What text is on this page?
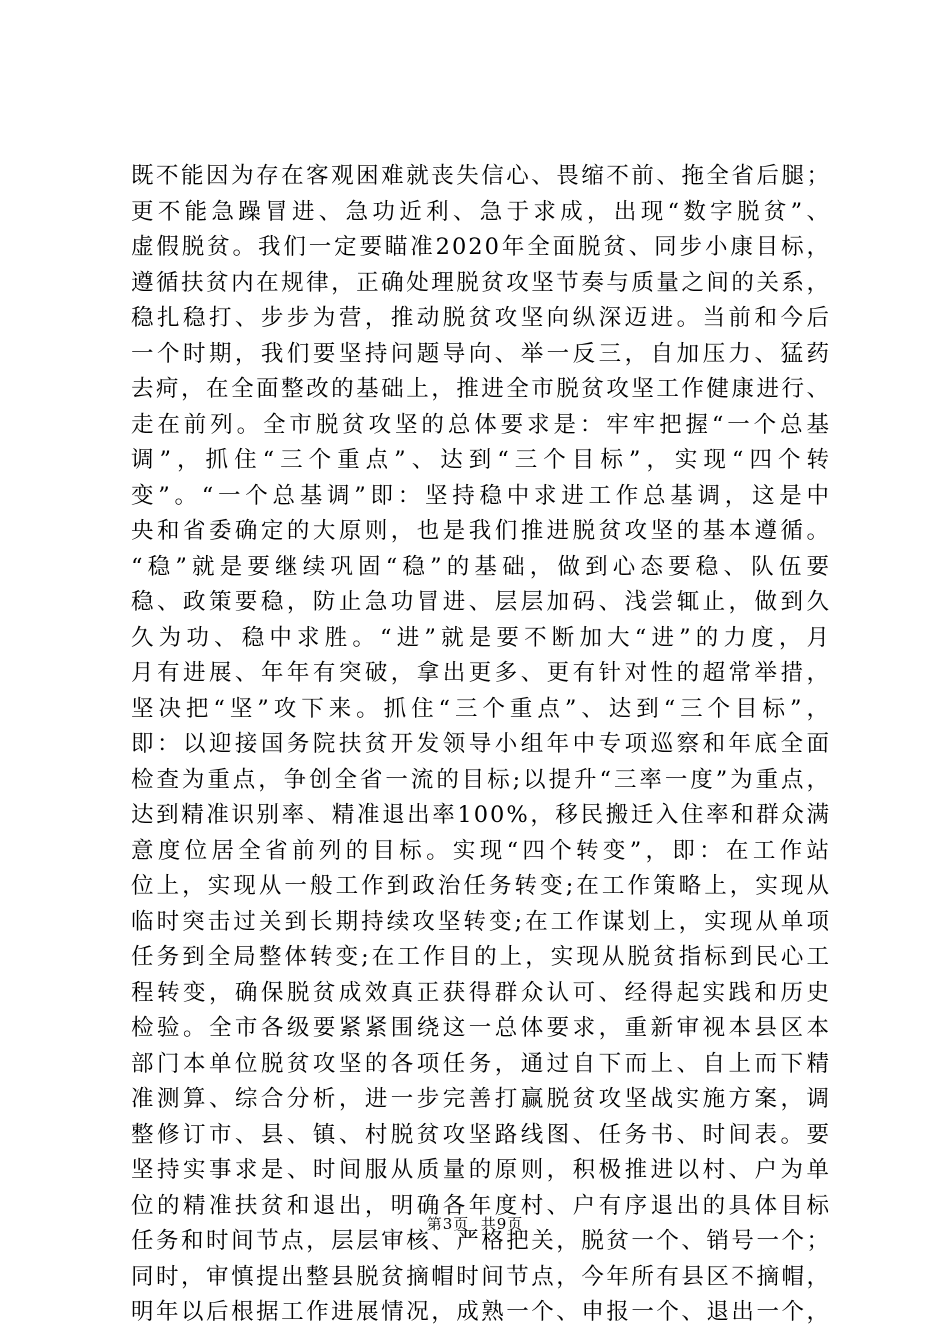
既不能因为存在客观困难就丧失信心、畏缩不前、拖全省后腿；
更不能急躁冒进、急功近利、急于求成，出现“数字脱贫”、
虚假脱贫。我们一定要瞄准2020年全面脱贫、同步小康目标，
遵循扶贫内在规律，正确处理脱贫攻坚节奏与质量之间的关系，
稳扎稳打、步步为营，推动脱贫攻坚向纵深迈进。当前和今后
一个时期，我们要坚持问题导向、举一反三，自加压力、猛药
去疴，在全面整改的基础上，推进全市脱贫攻坚工作健康进行、
走在前列。全市脱贫攻坚的总体要求是：牢牢把握“一个总基
调”，抓住“三个重点”、达到“三个目标”，实现“四个转
变”。“一个总基调”即：坚持稳中求进工作总基调，这是中
央和省委确定的大原则，也是我们推进脱贫攻坚的基本遵循。
“稳”就是要继续巩固“稳”的基础，做到心态要稳、队伍要
稳、政策要稳，防止急功冒进、层层加码、浅尝辄止，做到久
久为功、稳中求胜。“进”就是要不断加大“进”的力度，月
月有进展、年年有突破，拿出更多、更有针对性的超常举措，
坚决把“坚”攻下来。抓住“三个重点”、达到“三个目标”，
即：以迎接国务院扶贫开发领导小组年中专项巡察和年底全面
检查为重点，争创全省一流的目标;以提升“三率一度”为重点，
达到精准识别率、精准退出率100%，移民搬迁入住率和群众满
意度位居全省前列的目标。实现“四个转变”，即：在工作站
位上，实现从一般工作到政治任务转变;在工作策略上，实现从
临时突击过关到长期持续攻坚转变;在工作谋划上，实现从单项
任务到全局整体转变;在工作目的上，实现从脱贫指标到民心工
程转变，确保脱贫成效真正获得群众认可、经得起实践和历史
检验。全市各级要紧紧围绕这一总体要求，重新审视本县区本
部门本单位脱贫攻坚的各项任务，通过自下而上、自上而下精
准测算、综合分析，进一步完善打赢脱贫攻坚战实施方案，调
整修订市、县、镇、村脱贫攻坚路线图、任务书、时间表。要
坚持实事求是、时间服从质量的原则，积极推进以村、户为单
位的精准扶贫和退出，明确各年度村、户有序退出的具体目标
任务和时间节点，层层审核、严格把关，脱贫一个、销号一个；
同时，审慎提出整县脱贫摘帽时间节点，今年所有县区不摘帽，
明年以后根据工作进展情况，成熟一个、申报一个、退出一个，
第3页  共9页
